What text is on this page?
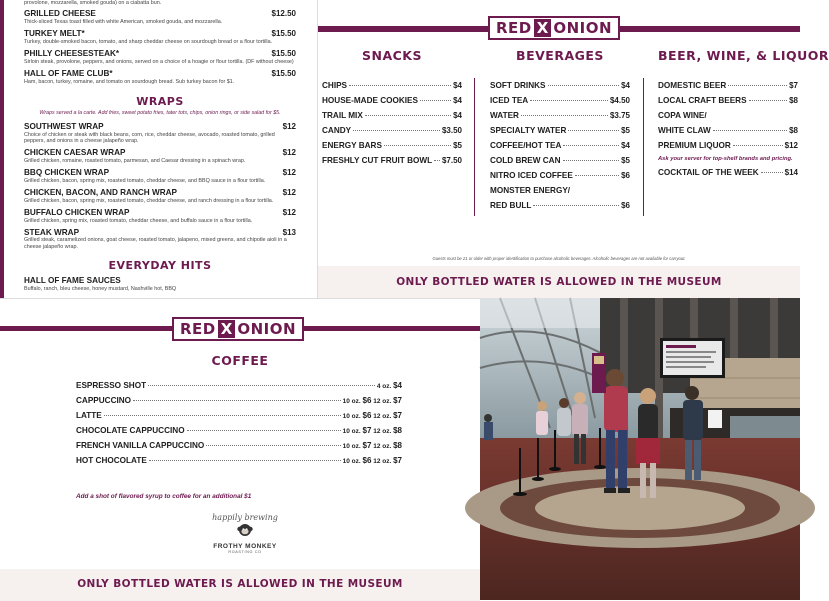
provolone, mozzarella, smoked gouda) on a ciabatta bun.
GRILLED CHEESE	$12.50
Thick-sliced Texas toast filled with white American, smoked gouda, and mozzarella.
TURKEY MELT*	$15.50
Turkey, double-smoked bacon, tomato, and sharp cheddar cheese on sourdough bread or a flour tortilla.
PHILLY CHEESESTEAK*	$15.50
Sirloin steak, provolone, peppers, and onions, served on a choice of a hoagie or flour tortilla. (DF without cheese)
HALL OF FAME CLUB*	$15.50
Ham, bacon, turkey, romaine, and tomato on sourdough bread. Sub turkey bacon for $1.
WRAPS
Wraps served a la carte. Add fries, sweet potato fries, tater tots, chips, onion rings, or side salad for $5.
SOUTHWEST WRAP	$12
Choice of chicken or steak with black beans, corn, rice, cheddar cheese, avocado, roasted tomato, grilled peppers, and onions in a cheese jalapeño wrap.
CHICKEN CAESAR WRAP	$12
Grilled chicken, romaine, roasted tomato, parmesan, and Caesar dressing in a spinach wrap.
BBQ CHICKEN WRAP	$12
Grilled chicken, bacon, spring mix, roasted tomato, cheddar cheese, and BBQ sauce in a flour tortilla.
CHICKEN, BACON, AND RANCH WRAP	$12
Grilled chicken, bacon, spring mix, roasted tomato, cheddar cheese, and ranch dressing in a flour tortilla.
BUFFALO CHICKEN WRAP	$12
Grilled chicken, spring mix, roasted tomato, cheddar cheese, and buffalo sauce in a flour tortilla.
STEAK WRAP	$13
Grilled steak, caramelized onions, goat cheese, roasted tomato, jalapeno, mixed greens, and chipotle aioli in a cheese jalapeño wrap.
EVERYDAY HITS
HALL OF FAME SAUCES
Buffalo, ranch, bleu cheese, honey mustard, Nashville hot, BBQ
RED X ONION
SNACKS
CHIPS	$4
HOUSE-MADE COOKIES	$4
TRAIL MIX	$4
CANDY	$3.50
ENERGY BARS	$5
FRESHLY CUT FRUIT BOWL $7.50
BEVERAGES
SOFT DRINKS	$4
ICED TEA	$4.50
WATER	$3.75
SPECIALTY WATER	$5
COFFEE/HOT TEA	$4
COLD BREW CAN	$5
NITRO ICED COFFEE	$6
MONSTER ENERGY/
RED BULL	$6
BEER, WINE, & LIQUOR
DOMESTIC BEER	$7
LOCAL CRAFT BEERS	$8
COPA WINE/
WHITE CLAW	$8
PREMIUM LIQUOR	$12
Ask your server for top-shelf brands and pricing.
COCKTAIL OF THE WEEK	$14
Guests must be 21 or older with proper identification to purchase alcoholic beverages. Alcoholic beverages are not available for carryout.
ONLY BOTTLED WATER IS ALLOWED IN THE MUSEUM
RED X ONION
COFFEE
ESPRESSO SHOT	4 oz. $4
CAPPUCCINO	10 oz. $6 12 oz. $7
LATTE	10 oz. $6 12 oz. $7
CHOCOLATE CAPPUCCINO	10 oz. $7 12 oz. $8
FRENCH VANILLA CAPPUCCINO	10 oz. $7 12 oz. $8
HOT CHOCOLATE	10 oz. $6 12 oz. $7
Add a shot of flavored syrup to coffee for an additional $1
happily brewing
FROTHY MONKEY
ROASTING CO
ONLY BOTTLED WATER IS ALLOWED IN THE MUSEUM
